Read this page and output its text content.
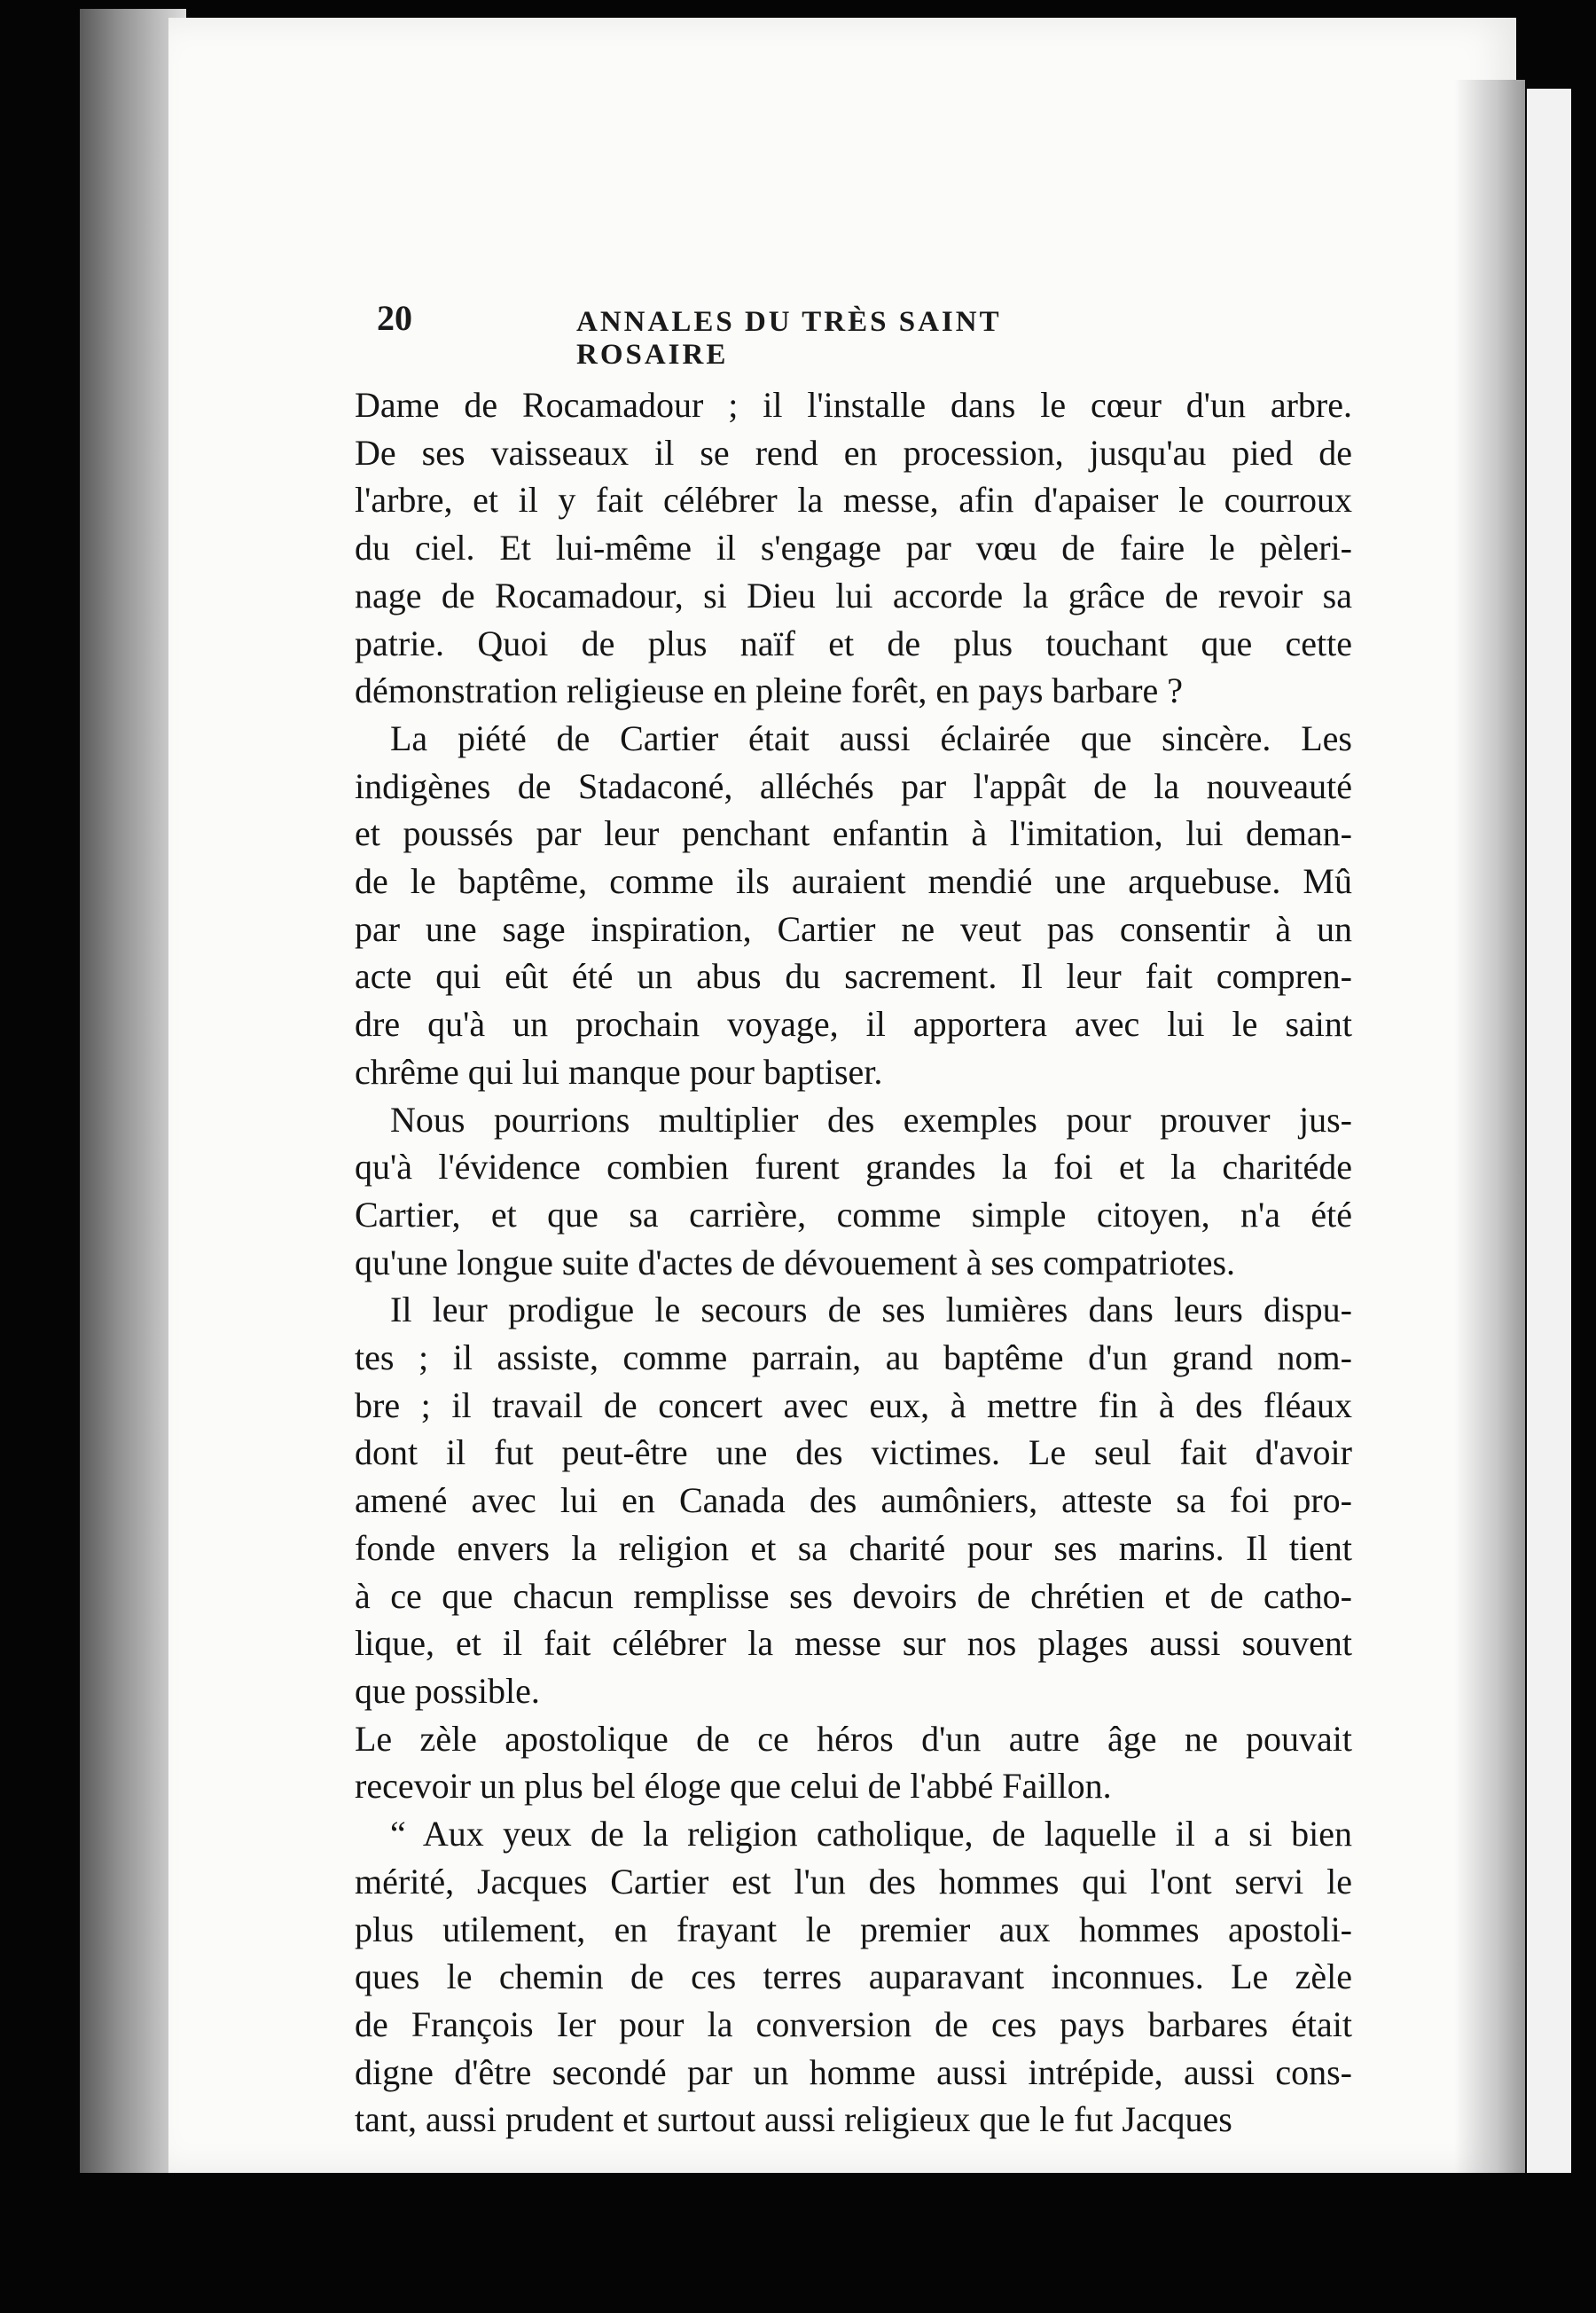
20	ANNALES DU TRÈS SAINT ROSAIRE
Dame de Rocamadour ; il l'installe dans le cœur d'un arbre.
De ses vaisseaux il se rend en procession, jusqu'au pied de
l'arbre, et il y fait célébrer la messe, afin d'apaiser le courroux
du ciel. Et lui-même il s'engage par vœu de faire le pèleri-
nage de Rocamadour, si Dieu lui accorde la grâce de revoir sa
patrie. Quoi de plus naïf et de plus touchant que cette
démonstration religieuse en pleine forêt, en pays barbare ?
La piété de Cartier était aussi éclairée que sincère. Les
indigènes de Stadaconé, alléchés par l'appât de la nouveauté
et poussés par leur penchant enfantin à l'imitation, lui deman-
de le baptême, comme ils auraient mendié une arquebuse. Mû
par une sage inspiration, Cartier ne veut pas consentir à un
acte qui eût été un abus du sacrement. Il leur fait compren-
dre qu'à un prochain voyage, il apportera avec lui le saint
chrême qui lui manque pour baptiser.
Nous pourrions multiplier des exemples pour prouver jus-
qu'à l'évidence combien furent grandes la foi et la charitéde
Cartier, et que sa carrière, comme simple citoyen, n'a été
qu'une longue suite d'actes de dévouement à ses compatriotes.
Il leur prodigue le secours de ses lumières dans leurs dispu-
tes ; il assiste, comme parrain, au baptême d'un grand nom-
bre ; il travail de concert avec eux, à mettre fin à des fléaux
dont il fut peut-être une des victimes. Le seul fait d'avoir
amené avec lui en Canada des aumôniers, atteste sa foi pro-
fonde envers la religion et sa charité pour ses marins. Il tient
à ce que chacun remplisse ses devoirs de chrétien et de catho-
lique, et il fait célébrer la messe sur nos plages aussi souvent
que possible.
Le zèle apostolique de ce héros d'un autre âge ne pouvait
recevoir un plus bel éloge que celui de l'abbé Faillon.
“ Aux yeux de la religion catholique, de laquelle il a si bien
mérité, Jacques Cartier est l'un des hommes qui l'ont servi le
plus utilement, en frayant le premier aux hommes apostoli-
ques le chemin de ces terres auparavant inconnues. Le zèle
de François Ier pour la conversion de ces pays barbares était
digne d'être secondé par un homme aussi intrépide, aussi cons-
tant, aussi prudent et surtout aussi religieux que le fut Jacques
